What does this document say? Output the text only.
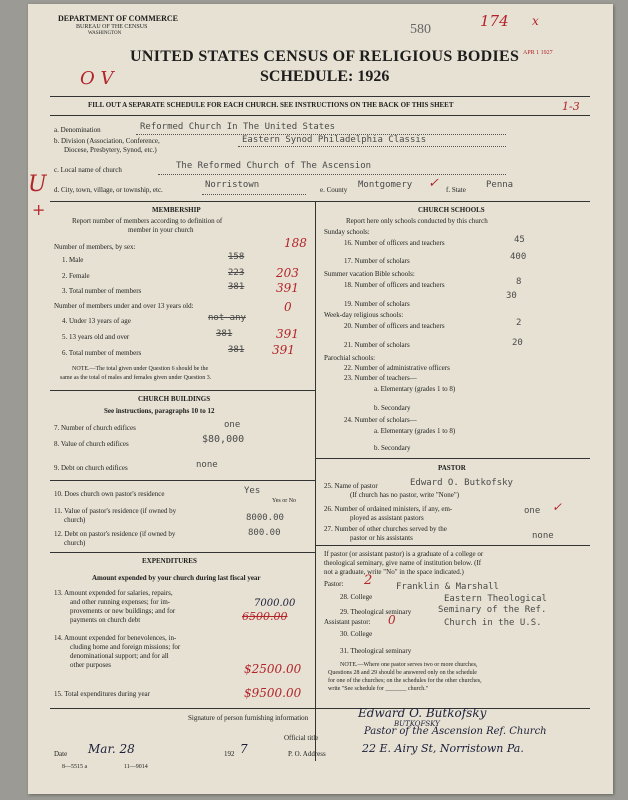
DEPARTMENT OF COMMERCE
BUREAU OF THE CENSUS
WASHINGTON	580	174 x
APR 1 1927
UNITED STATES CENSUS OF RELIGIOUS BODIES
SCHEDULE: 1926
O V
FILL OUT A SEPARATE SCHEDULE FOR EACH CHURCH. SEE INSTRUCTIONS ON THE BACK OF THIS SHEET	1-3
a. Denomination	Reformed Church In The United States
b. Division (Association, Conference,
Diocese, Presbytery, Synod, etc.)
Eastern Synod Philadelphia Classis
c. Local name of church	The Reformed Church of The Ascension
U
+
d. City, town, village, or township, etc.	Norristown	e. County Montgomery ✓ f. State Penna
MEMBERSHIP
Report number of members according to definition of
member in your church
Number of members, by sex:	188
1. Male	158
2. Female	223	203
3. Total number of members	381	391
Number of members under and over 13 years old:	0
4. Under 13 years of age	not any
5. 13 years old and over	381	391
6. Total number of members	381 391
NOTE.—The total given under Question 6 should be the
same as the total of males and females given under Question 3.
CHURCH BUILDINGS
See instructions, paragraphs 10 to 12
7. Number of church edifices	one
8. Value of church edifices	$80,000
9. Debt on church edifices	none
10. Does church own pastor's residence	Yes
Yes or No
11. Value of pastor's residence (if owned by
church)	8000.00
12. Debt on pastor's residence (if owned by
church)
800.00
EXPENDITURES
Amount expended by your church during last fiscal year
13. Amount expended for salaries, repairs,
and other running expenses; for im-
provements or new buildings; and for
payments on church debt
7000.00
6500.00
14. Amount expended for benevolences, in-
cluding home and foreign missions; for
denominational support; and for all
other purposes	$2500.00
15. Total expenditures during year	$9500.00
CHURCH SCHOOLS
Report here only schools conducted by this church
Sunday schools:
16. Number of officers and teachers	45
17. Number of scholars	400
Summer vacation Bible schools:
18. Number of officers and teachers	8
19. Number of scholars
30
Week-day religious schools:
20. Number of officers and teachers	2
21. Number of scholars	20
Parochial schools:
22. Number of administrative officers
23. Number of teachers—
a. Elementary (grades 1 to 8)
b. Secondary
24. Number of scholars—
a. Elementary (grades 1 to 8)
b. Secondary
PASTOR
25. Name of pastor	Edward O. Butkofsky
(If church has no pastor, write "None")
26. Number of ordained ministers, if any, em-
ployed as assistant pastors
one ✓
27. Number of other churches served by the
pastor or his assistants	none
If pastor (or assistant pastor) is a graduate of a college or
theological seminary, give name of institution below. (If
not a graduate, write "No" in the space indicated.)
Pastor: 2
28. College
Franklin & Marshall
29. Theological seminary
Eastern Theological
Seminary of the Ref.
Church in the U.S.
Assistant pastor: 0
30. College
31. Theological seminary
NOTE.—Where one pastor serves two or more churches,
Questions 28 and 29 should be answered only on the schedule
for one of the churches; on the schedules for the other churches,
write "See schedule for _______ church."
Signature of person furnishing information	Edward O. Butkofsky
BUTKOFSKY
Official title
Pastor of the Ascension Ref. Church
Date Mar. 28	192 7	P. O. Address	22 E. Airy St, Norristown Pa.
8—5515 a	11—9014
